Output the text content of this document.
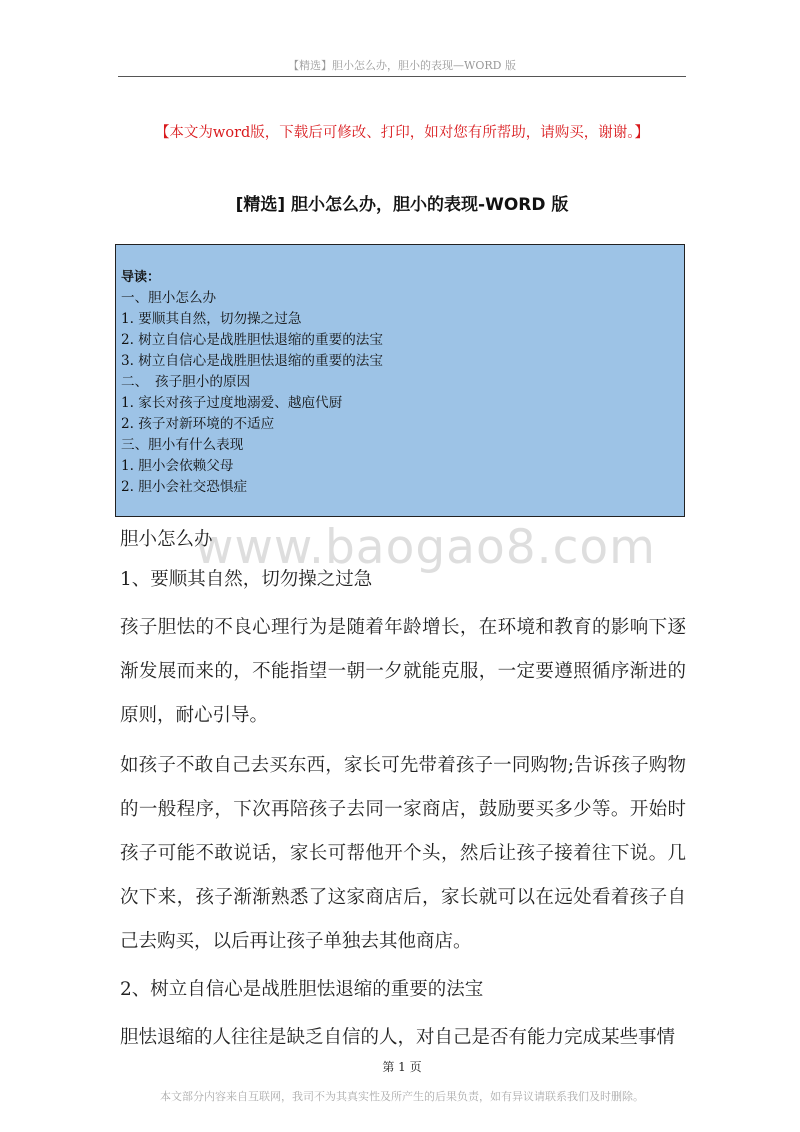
【精选】胆小怎么办，胆小的表现—WORD 版
【本文为word版，下载后可修改、打印，如对您有所帮助，请购买，谢谢。】
[精选] 胆小怎么办，胆小的表现-WORD 版
导读：
一、胆小怎么办
1. 要顺其自然，切勿操之过急
2. 树立自信心是战胜胆怯退缩的重要的法宝
3. 树立自信心是战胜胆怯退缩的重要的法宝
二、　孩子胆小的原因
1. 家长对孩子过度地溺爱、越庖代厨
2. 孩子对新环境的不适应
三、胆小有什么表现
1. 胆小会依赖父母
2. 胆小会社交恐惧症
www.baogao8.com

胆小怎么办

1、要顺其自然，切勿操之过急

孩子胆怯的不良心理行为是随着年龄增长，在环境和教育的影响下逐渐发展而来的，不能指望一朝一夕就能克服，一定要遵照循序渐进的原则，耐心引导。

如孩子不敢自己去买东西，家长可先带着孩子一同购物;告诉孩子购物的一般程序，下次再陪孩子去同一家商店，鼓励要买多少等。开始时孩子可能不敢说话，家长可帮他开个头，然后让孩子接着往下说。几次下来，孩子渐渐熟悉了这家商店后，家长就可以在远处看着孩子自己去购买，以后再让孩子单独去其他商店。

2、树立自信心是战胜胆怯退缩的重要的法宝

胆怯退缩的人往往是缺乏自信的人，对自己是否有能力完成某些事情

第 1 页
本文部分内容来自互联网，我司不为其真实性及所产生的后果负责，如有异议请联系我们及时删除。
